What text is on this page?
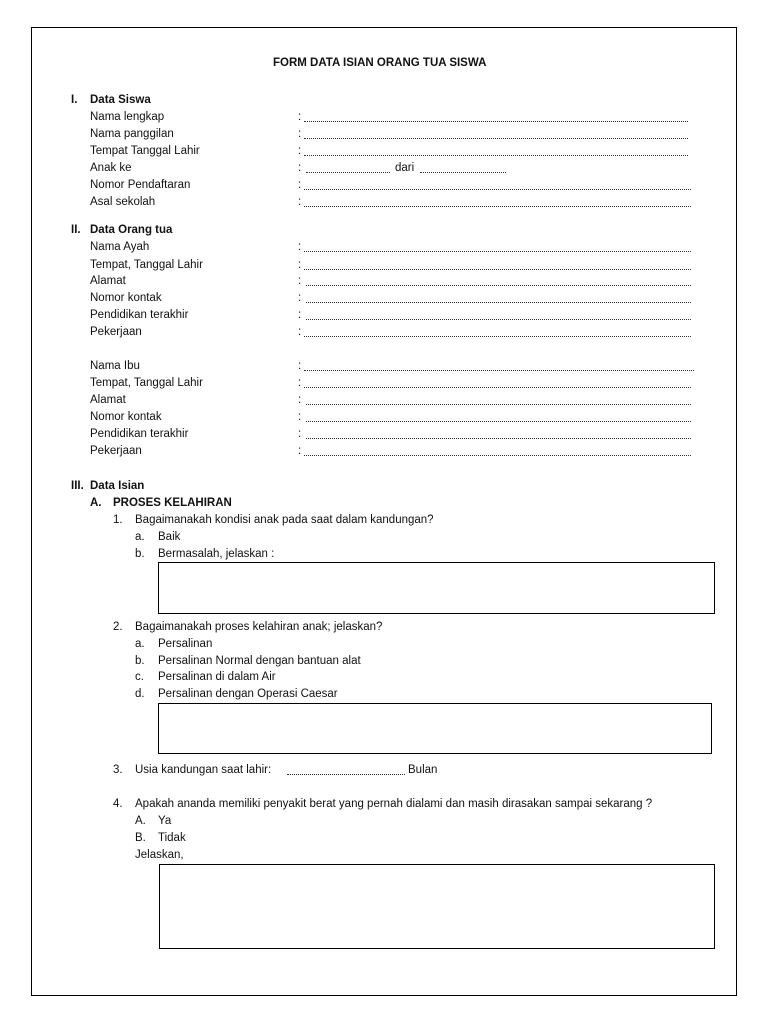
FORM DATA ISIAN ORANG TUA SISWA
I. Data Siswa
Nama lengkap	:
Nama panggilan	:
Tempat Tanggal Lahir	:
Anak ke	:	dari
Nomor Pendaftaran	:
Asal sekolah	:
II. Data Orang tua
Nama Ayah	:
Tempat, Tanggal Lahir	:
Alamat	:
Nomor kontak	:
Pendidikan terakhir	:
Pekerjaan	:
Nama Ibu	:
Tempat, Tanggal Lahir	:
Alamat	:
Nomor kontak	:
Pendidikan terakhir	:
Pekerjaan	:
III. Data Isian
A. PROSES KELAHIRAN
1. Bagaimanakah kondisi anak pada saat dalam kandungan?
a. Baik
b. Bermasalah, jelaskan :
2. Bagaimanakah proses kelahiran anak; jelaskan?
a. Persalinan
b. Persalinan Normal dengan bantuan alat
c. Persalinan di dalam Air
d. Persalinan dengan Operasi Caesar
3. Usia kandungan saat lahir:	Bulan
4. Apakah ananda memiliki penyakit berat yang pernah dialami dan masih dirasakan sampai sekarang ?
A. Ya
B. Tidak
Jelaskan,
